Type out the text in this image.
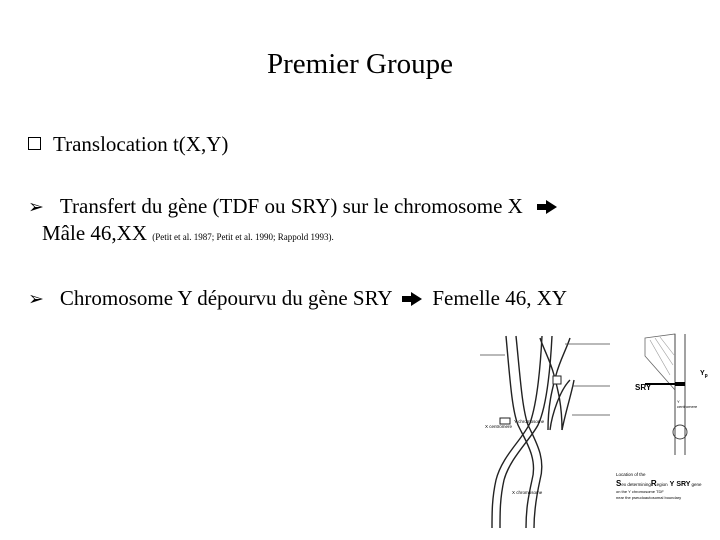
Premier Groupe
Translocation t(X,Y)
➢ Transfert du gène (TDF ou SRY) sur le chromosome X
Mâle 46,XX (Petit et al. 1987; Petit et al. 1990; Rappold 1993).
➢ Chromosome Y dépourvu du gène SRY Femelle 46, XY
SRY
$Y_p$
Y
centromere
Y chromosome
X centromere
X chromosome
Location of the
Sex determiningRegion Y SRYgene
on the Y chromosome TDF
near the pseudoautosomal boundary
